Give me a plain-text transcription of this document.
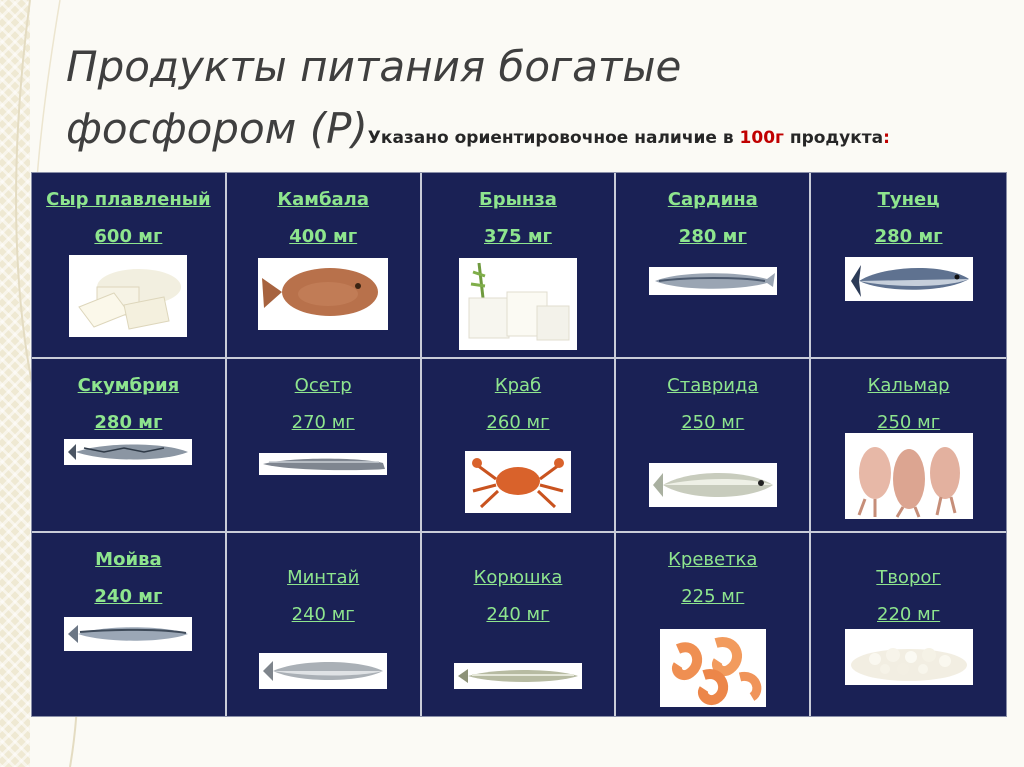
Продукты питания богатые
фосфором (Р)Указано ориентировочное наличие в 100г продукта:
Сыр плавленый
600 мг
Камбала
400 мг
Брынза
375 мг
Сардина
280 мг
Тунец
280 мг
Скумбрия
280 мг
Осетр
270 мг
Краб
260 мг
Ставрида
250 мг
Кальмар
250 мг
Мойва
240 мг
Минтай
240 мг
Корюшка
240 мг
Креветка
225 мг
Творог
220 мг
